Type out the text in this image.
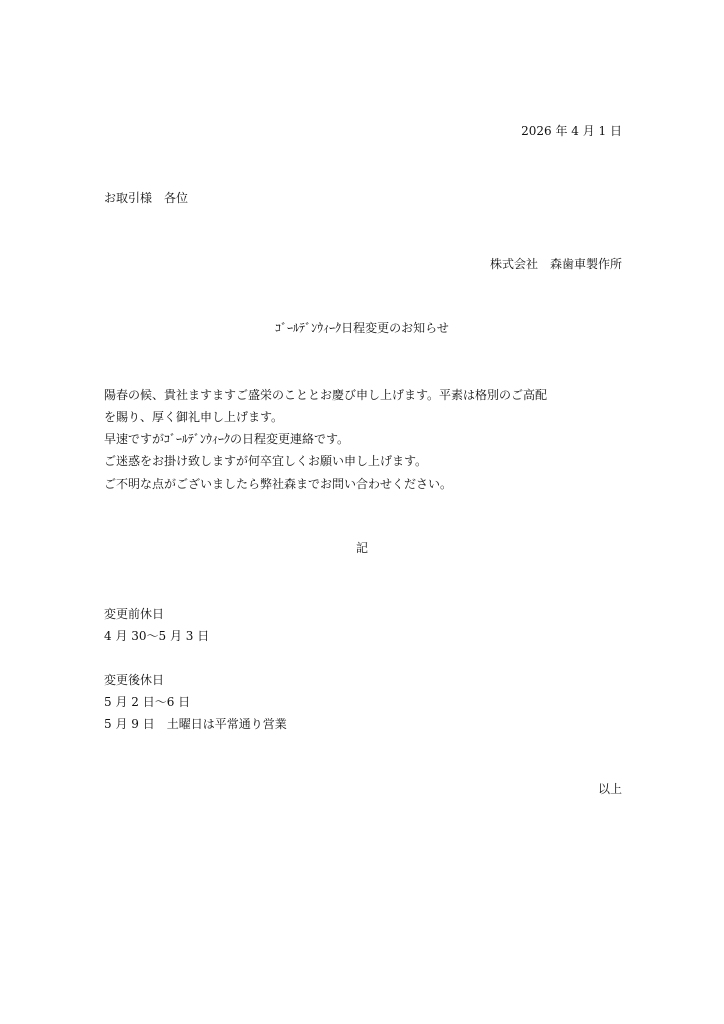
2026 年 4 月 1 日
お取引様　各位
株式会社　森歯車製作所
ｺﾞｰﾙﾃﾞﾝｳｨｰｸ日程変更のお知らせ
陽春の候、貴社ますますご盛栄のこととお慶び申し上げます。平素は格別のご高配
を賜り、厚く御礼申し上げます。
早速ですがｺﾞｰﾙﾃﾞﾝｳｨｰｸの日程変更連絡です。
ご迷惑をお掛け致しますが何卒宜しくお願い申し上げます。
ご不明な点がございましたら弊社森までお問い合わせください。
記
変更前休日
4 月 30～5 月 3 日
変更後休日
5 月 2 日～6 日
5 月 9 日　土曜日は平常通り営業
以上
